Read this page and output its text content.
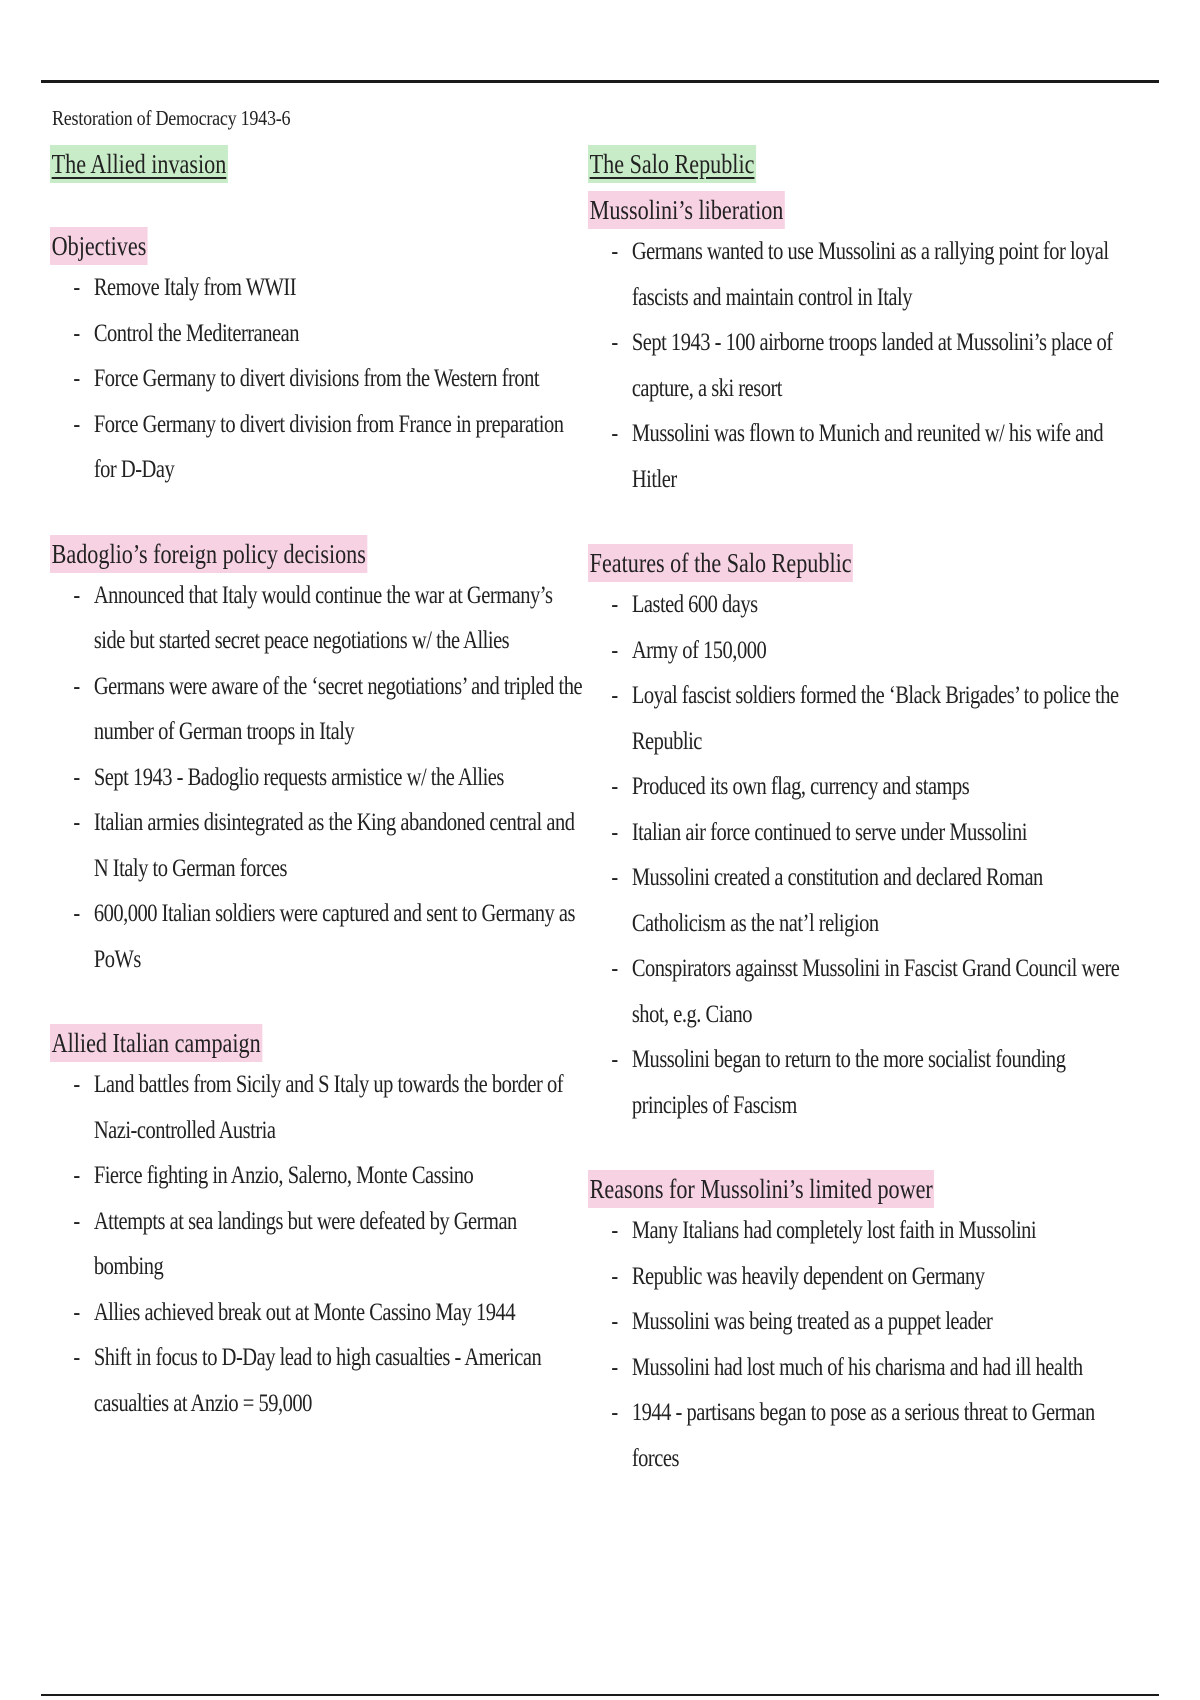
Restoration of Democracy 1943-6
The Allied invasion
Objectives
- Remove Italy from WWII
- Control the Mediterranean
- Force Germany to divert divisions from the Western front
- Force Germany to divert division from France in preparation for D-Day
Badoglio’s foreign policy decisions
- Announced that Italy would continue the war at Germany’s side but started secret peace negotiations w/ the Allies
- Germans were aware of the ‘secret negotiations’ and tripled the number of German troops in Italy
- Sept 1943 - Badoglio requests armistice w/ the Allies
- Italian armies disintegrated as the King abandoned central and N Italy to German forces
- 600,000 Italian soldiers were captured and sent to Germany as PoWs
Allied Italian campaign
- Land battles from Sicily and S Italy up towards the border of Nazi-controlled Austria
- Fierce fighting in Anzio, Salerno, Monte Cassino
- Attempts at sea landings but were defeated by German bombing
- Allies achieved break out at Monte Cassino May 1944
- Shift in focus to D-Day lead to high casualties - American casualties at Anzio = 59,000
The Salo Republic
Mussolini’s liberation
- Germans wanted to use Mussolini as a rallying point for loyal fascists and maintain control in Italy
- Sept 1943 - 100 airborne troops landed at Mussolini’s place of capture, a ski resort
- Mussolini was flown to Munich and reunited w/ his wife and Hitler
Features of the Salo Republic
- Lasted 600 days
- Army of 150,000
- Loyal fascist soldiers formed the ‘Black Brigades’ to police the Republic
- Produced its own flag, currency and stamps
- Italian air force continued to serve under Mussolini
- Mussolini created a constitution and declared Roman Catholicism as the nat’l religion
- Conspirators againsst Mussolini in Fascist Grand Council were shot, e.g. Ciano
- Mussolini began to return to the more socialist founding principles of Fascism
Reasons for Mussolini’s limited power
- Many Italians had completely lost faith in Mussolini
- Republic was heavily dependent on Germany
- Mussolini was being treated as a puppet leader
- Mussolini had lost much of his charisma and had ill health
- 1944 - partisans began to pose as a serious threat to German forces
